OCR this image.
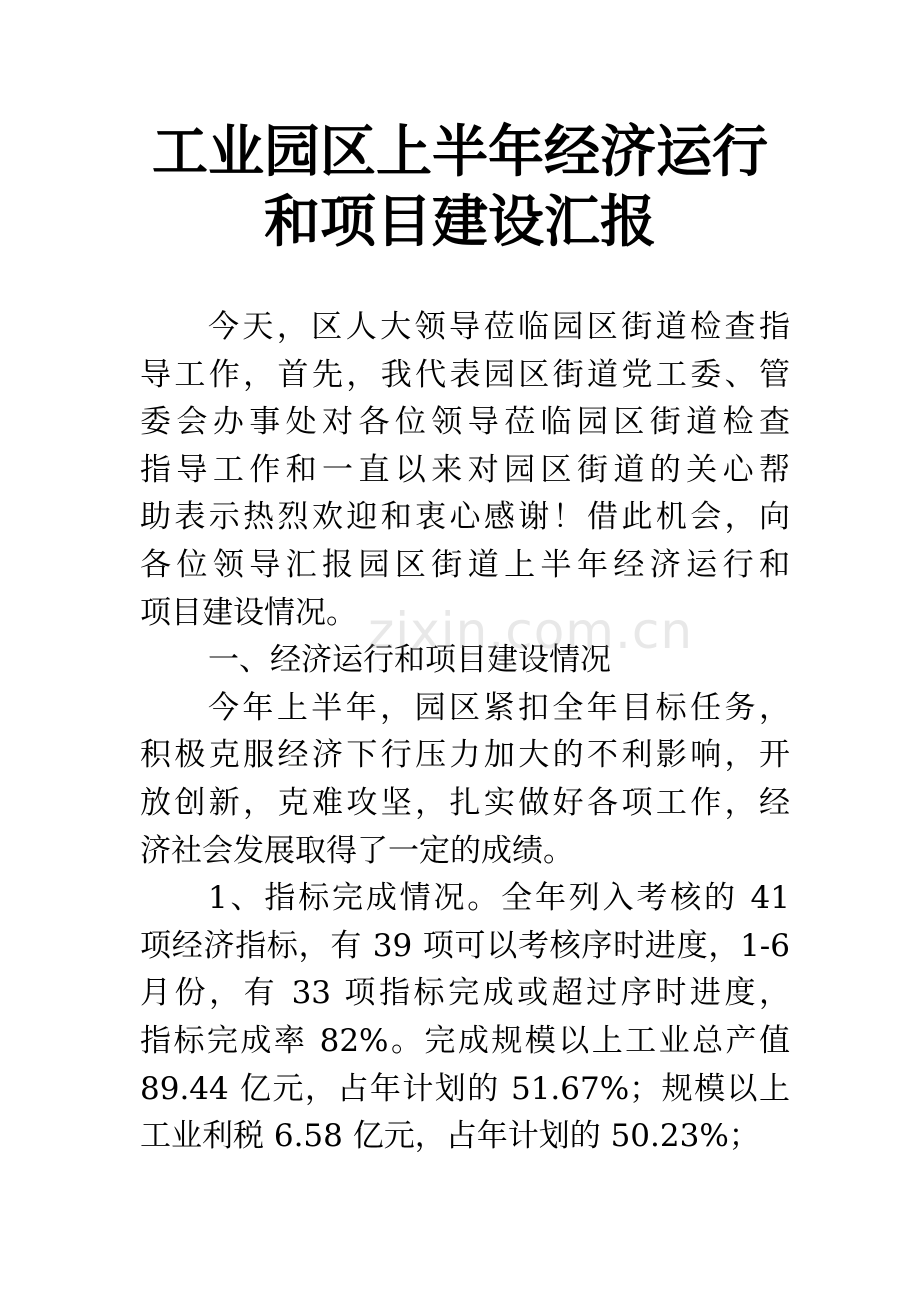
工业园区上半年经济运行
和项目建设汇报
今天，区人大领导莅临园区街道检查指
导工作，首先，我代表园区街道党工委、管
委会办事处对各位领导莅临园区街道检查
指导工作和一直以来对园区街道的关心帮
助表示热烈欢迎和衷心感谢！借此机会，向
各位领导汇报园区街道上半年经济运行和
项目建设情况。
一、经济运行和项目建设情况
今年上半年，园区紧扣全年目标任务，
积极克服经济下行压力加大的不利影响，开
放创新，克难攻坚，扎实做好各项工作，经
济社会发展取得了一定的成绩。
1、指标完成情况。全年列入考核的 41
项经济指标，有 39 项可以考核序时进度，1-6
月份，有 33 项指标完成或超过序时进度，
指标完成率 82%。完成规模以上工业总产值
89.44 亿元，占年计划的 51.67%；规模以上
工业利税 6.58 亿元，占年计划的 50.23%；
zixin.com.cn
